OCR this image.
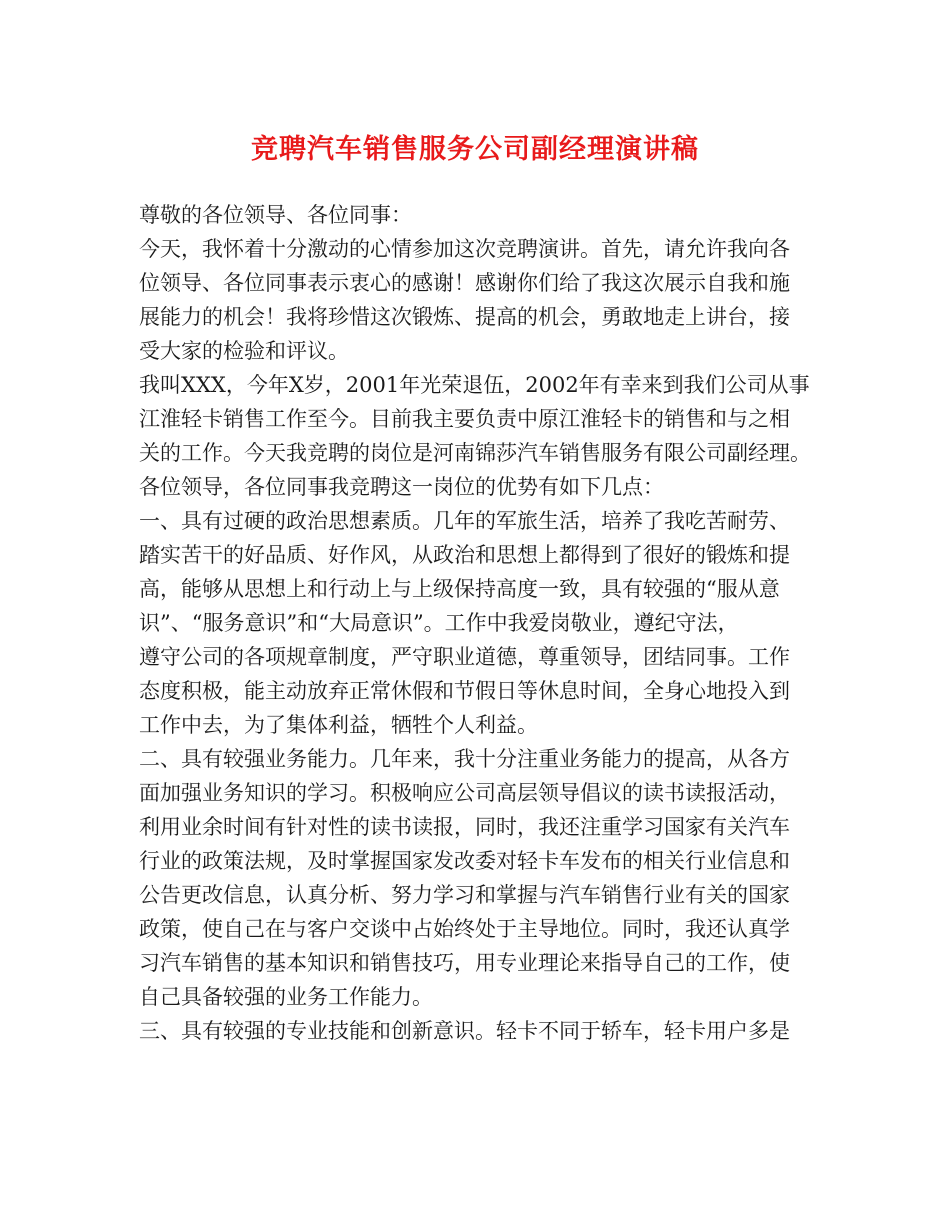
竞聘汽车销售服务公司副经理演讲稿
尊敬的各位领导、各位同事：
今天，我怀着十分激动的心情参加这次竞聘演讲。首先，请允许我向各
位领导、各位同事表示衷心的感谢！感谢你们给了我这次展示自我和施
展能力的机会！我将珍惜这次锻炼、提高的机会，勇敢地走上讲台，接
受大家的检验和评议。
我叫XXX，今年X岁，2001年光荣退伍，2002年有幸来到我们公司从事
江淮轻卡销售工作至今。目前我主要负责中原江淮轻卡的销售和与之相
关的工作。今天我竞聘的岗位是河南锦莎汽车销售服务有限公司副经理。
各位领导，各位同事我竞聘这一岗位的优势有如下几点：
一、具有过硬的政治思想素质。几年的军旅生活，培养了我吃苦耐劳、
踏实苦干的好品质、好作风，从政治和思想上都得到了很好的锻炼和提
高，能够从思想上和行动上与上级保持高度一致，具有较强的“服从意
识”、“服务意识”和“大局意识”。工作中我爱岗敬业，遵纪守法，
遵守公司的各项规章制度，严守职业道德，尊重领导，团结同事。工作
态度积极，能主动放弃正常休假和节假日等休息时间，全身心地投入到
工作中去，为了集体利益，牺牲个人利益。
二、具有较强业务能力。几年来，我十分注重业务能力的提高，从各方
面加强业务知识的学习。积极响应公司高层领导倡议的读书读报活动，
利用业余时间有针对性的读书读报，同时，我还注重学习国家有关汽车
行业的政策法规，及时掌握国家发改委对轻卡车发布的相关行业信息和
公告更改信息，认真分析、努力学习和掌握与汽车销售行业有关的国家
政策，使自己在与客户交谈中占始终处于主导地位。同时，我还认真学
习汽车销售的基本知识和销售技巧，用专业理论来指导自己的工作，使
自己具备较强的业务工作能力。
三、具有较强的专业技能和创新意识。轻卡不同于轿车，轻卡用户多是
